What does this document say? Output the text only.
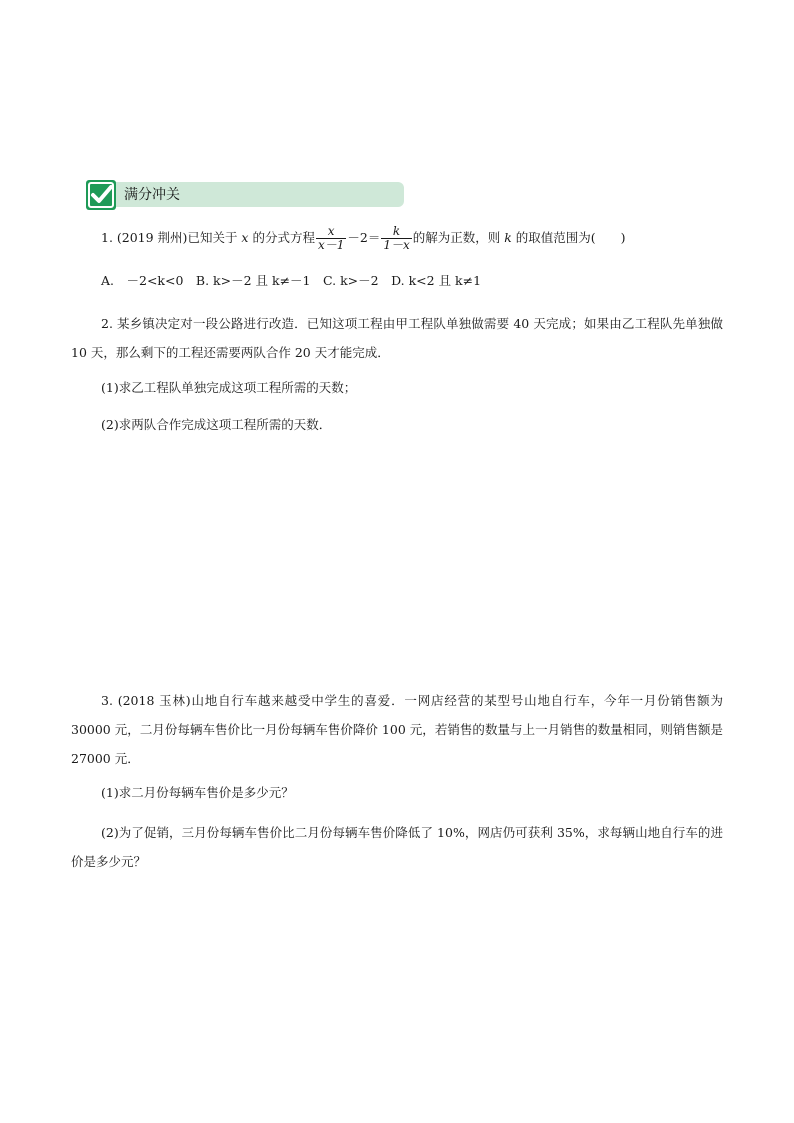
满分冲关
1. (2019 荆州)已知关于 x 的分式方程 $\frac{x}{x-1} -2= \frac{k}{1-x}$ 的解为正数，则 k 的取值范围为(　　)
A.　－2<k<0　B. k>－2 且 k≠－1　C. k>－2　D. k<2 且 k≠1
2. 某乡镇决定对一段公路进行改造．已知这项工程由甲工程队单独做需要 40 天完成；如果由乙工程队先单独做 10 天，那么剩下的工程还需要两队合作 20 天才能完成．
(1)求乙工程队单独完成这项工程所需的天数；
(2)求两队合作完成这项工程所需的天数．
3. (2018 玉林)山地自行车越来越受中学生的喜爱．一网店经营的某型号山地自行车，今年一月份销售额为 30000 元，二月份每辆车售价比一月份每辆车售价降价 100 元，若销售的数量与上一月销售的数量相同，则销售额是 27000 元．
(1)求二月份每辆车售价是多少元？
(2)为了促销，三月份每辆车售价比二月份每辆车售价降低了 10%，网店仍可获利 35%，求每辆山地自行车的进价是多少元？
